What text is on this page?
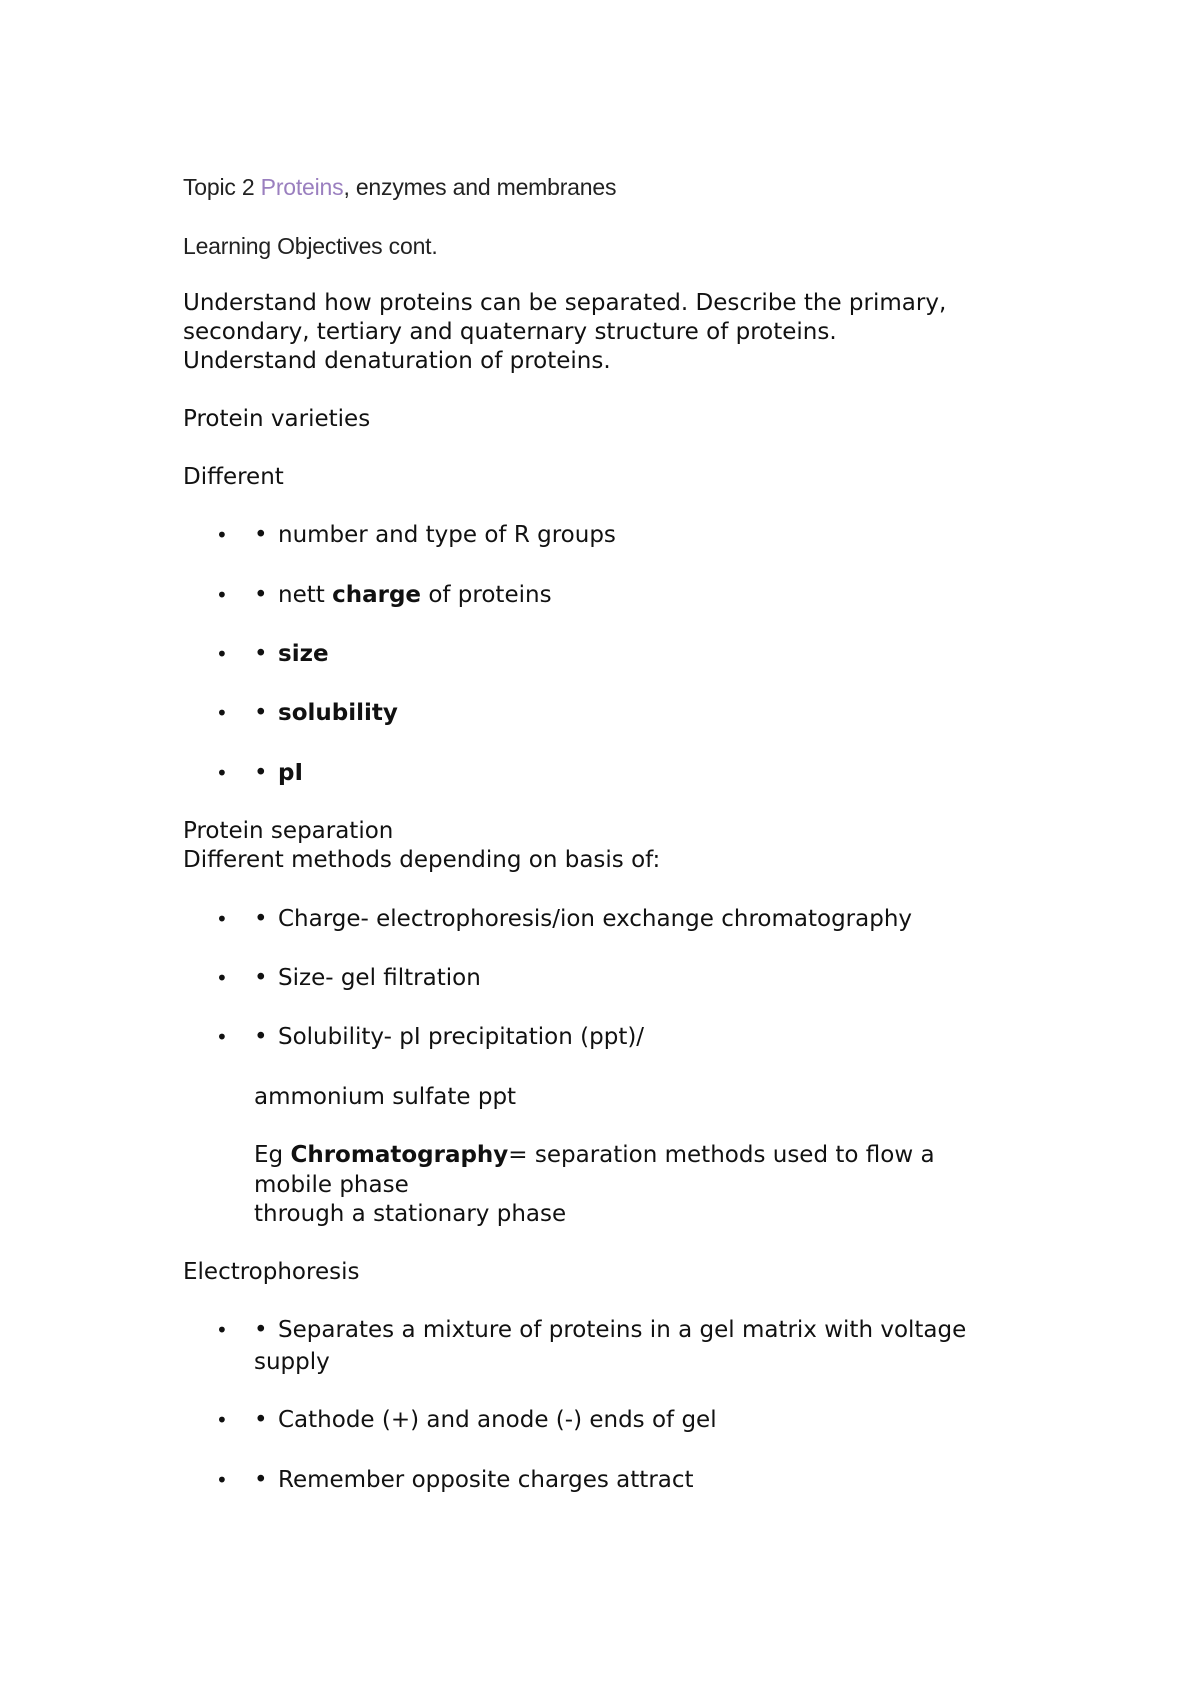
Topic 2 Proteins, enzymes and membranes
Learning Objectives cont.
Understand how proteins can be separated. Describe the primary,
secondary, tertiary and quaternary structure of proteins.
Understand denaturation of proteins.
Protein varieties
Different
• • number and type of R groups
• • nett charge of proteins
• • size
• • solubility
• • pI
Protein separation
Different methods depending on basis of:
• • Charge- electrophoresis/ion exchange chromatography
• • Size- gel filtration
• • Solubility- pI precipitation (ppt)/
ammonium sulfate ppt
Eg Chromatography= separation methods used to flow a
mobile phase
through a stationary phase
Electrophoresis
• • Separates a mixture of proteins in a gel matrix with voltage
supply
• • Cathode (+) and anode (-) ends of gel
• • Remember opposite charges attract
